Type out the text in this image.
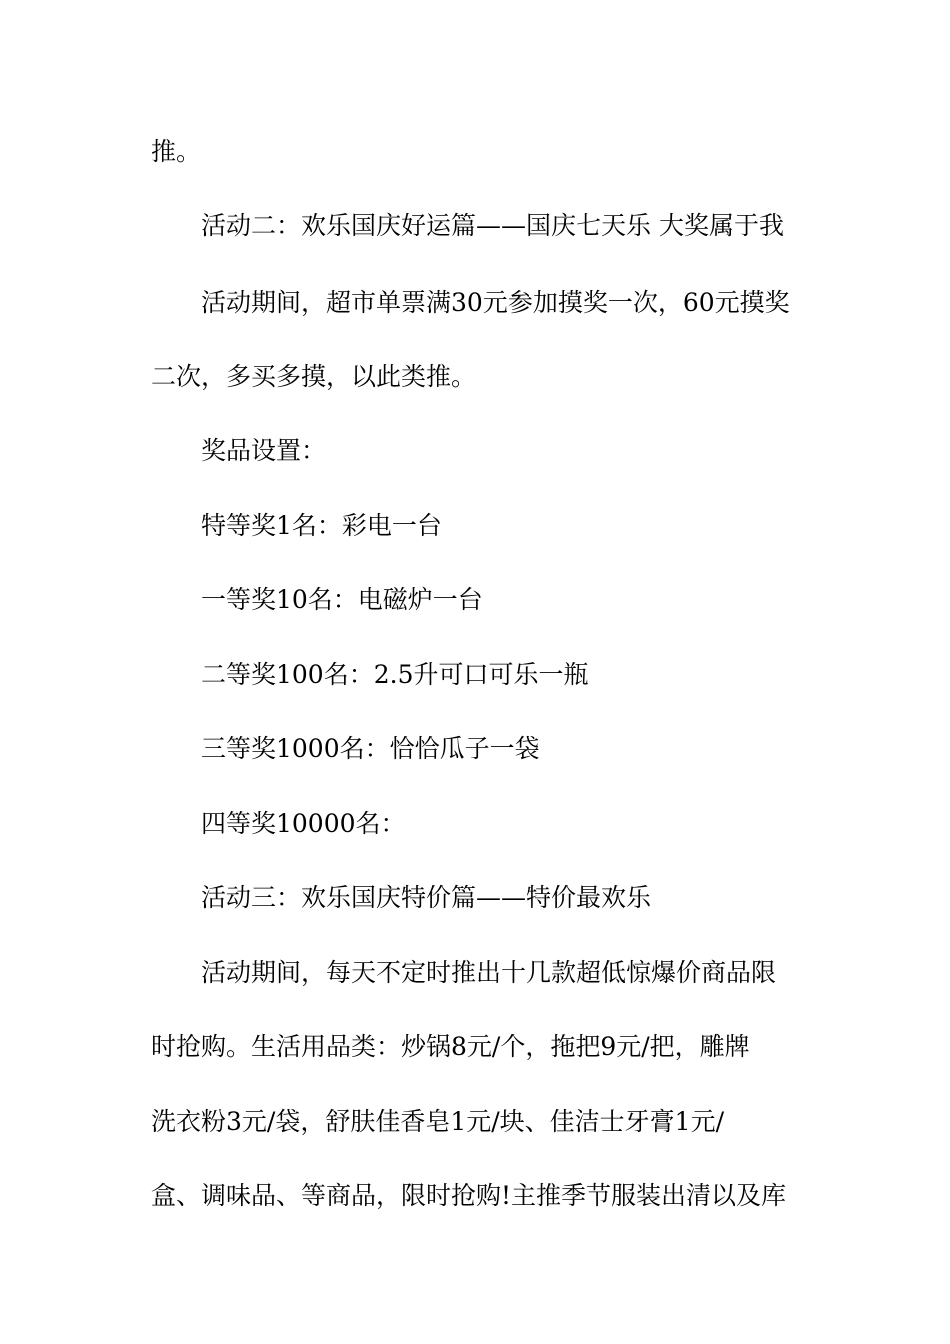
推。
活动二：欢乐国庆好运篇——国庆七天乐 大奖属于我
活动期间，超市单票满30元参加摸奖一次，60元摸奖
二次，多买多摸，以此类推。
奖品设置：
特等奖1名：彩电一台
一等奖10名：电磁炉一台
二等奖100名：2.5升可口可乐一瓶
三等奖1000名：恰恰瓜子一袋
四等奖10000名：
活动三：欢乐国庆特价篇——特价最欢乐
活动期间，每天不定时推出十几款超低惊爆价商品限
时抢购。生活用品类：炒锅8元/个，拖把9元/把，雕牌
洗衣粉3元/袋，舒肤佳香皂1元/块、佳洁士牙膏1元/
盒、调味品、等商品，限时抢购!主推季节服装出清以及库
